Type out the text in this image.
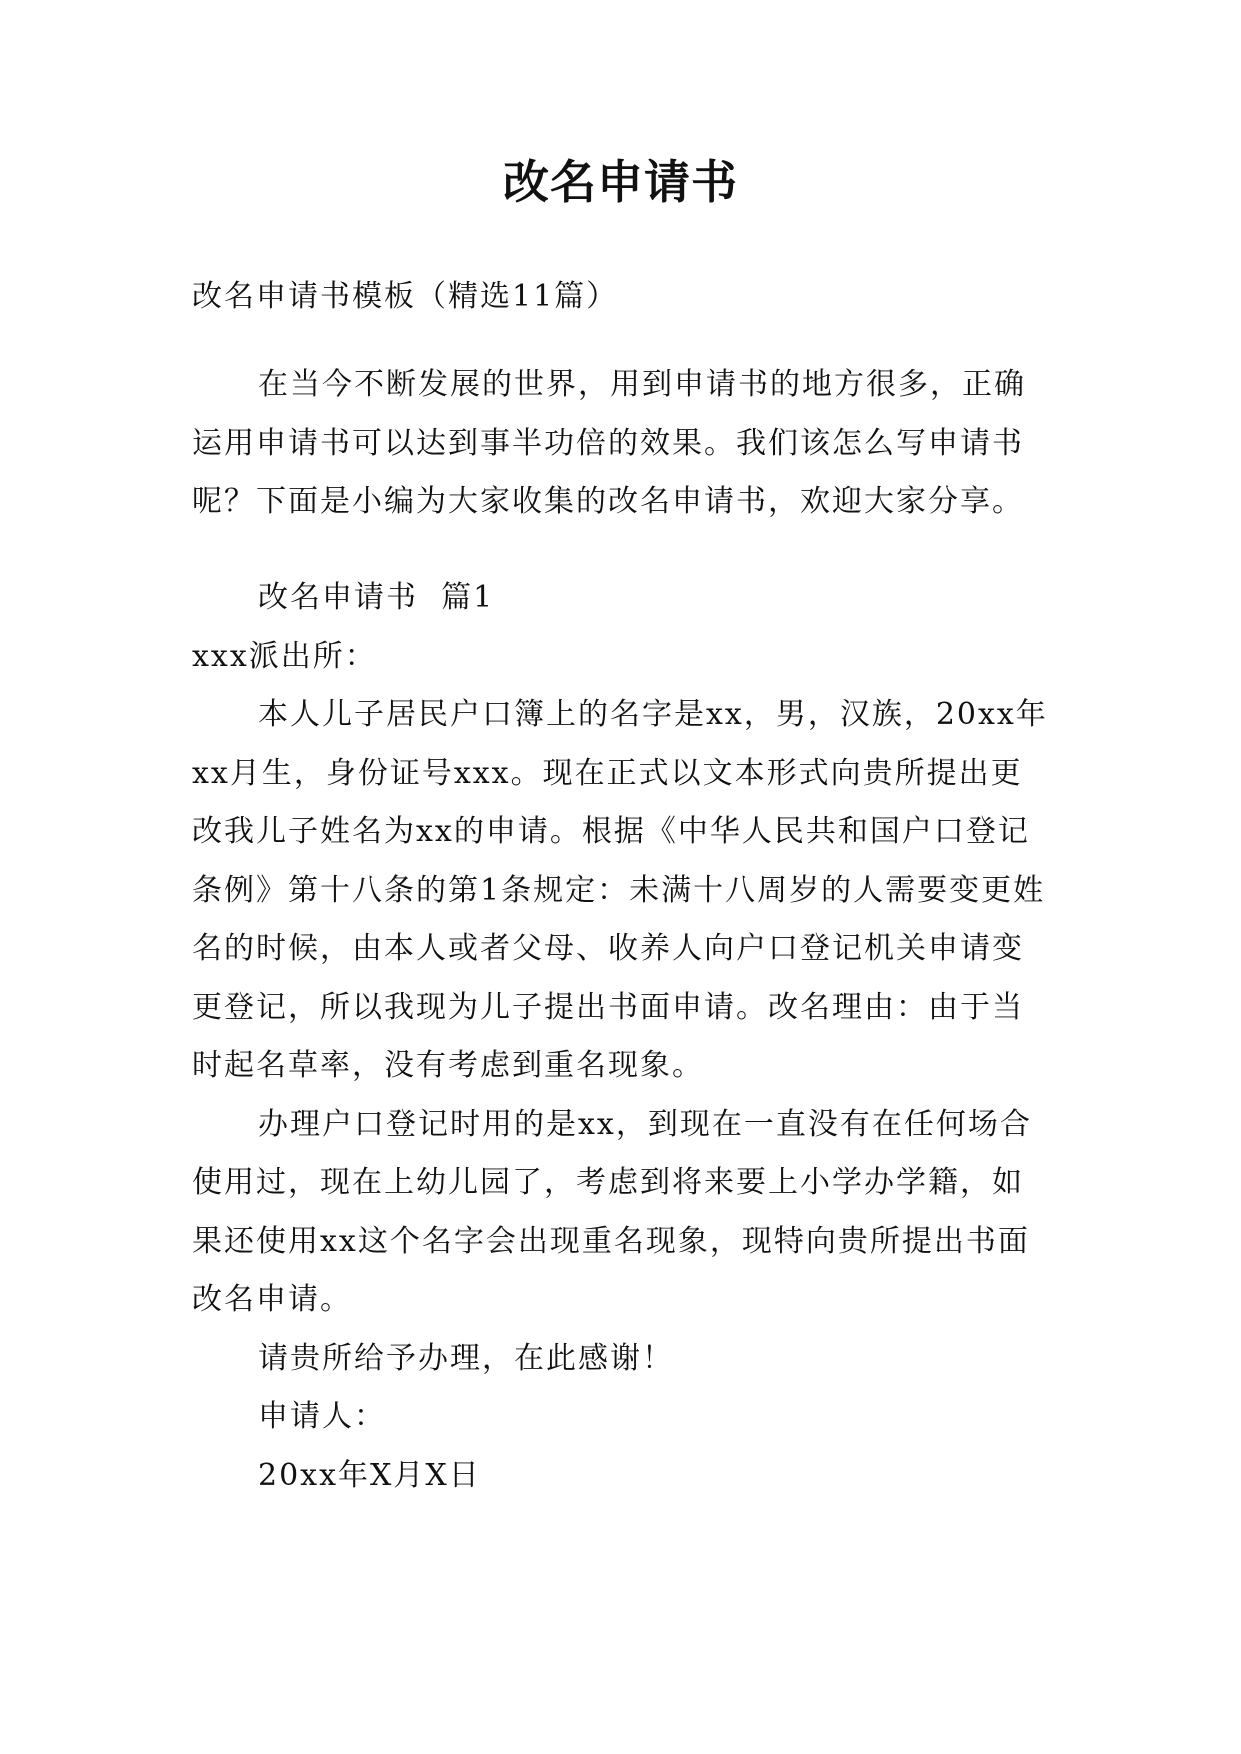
改名申请书

改名申请书模板（精选11篇）

在当今不断发展的世界，用到申请书的地方很多，正确运用申请书可以达到事半功倍的效果。我们该怎么写申请书呢？下面是小编为大家收集的改名申请书，欢迎大家分享。

改名申请书  篇1

xxx派出所：

本人儿子居民户口簿上的名字是xx，男，汉族，20xx年xx月生，身份证号xxx。现在正式以文本形式向贵所提出更改我儿子姓名为xx的申请。根据《中华人民共和国户口登记条例》第十八条的第1条规定：未满十八周岁的人需要变更姓名的时候，由本人或者父母、收养人向户口登记机关申请变更登记，所以我现为儿子提出书面申请。改名理由：由于当时起名草率，没有考虑到重名现象。

办理户口登记时用的是xx，到现在一直没有在任何场合使用过，现在上幼儿园了，考虑到将来要上小学办学籍，如果还使用xx这个名字会出现重名现象，现特向贵所提出书面改名申请。

请贵所给予办理，在此感谢！

申请人：

20xx年X月X日
